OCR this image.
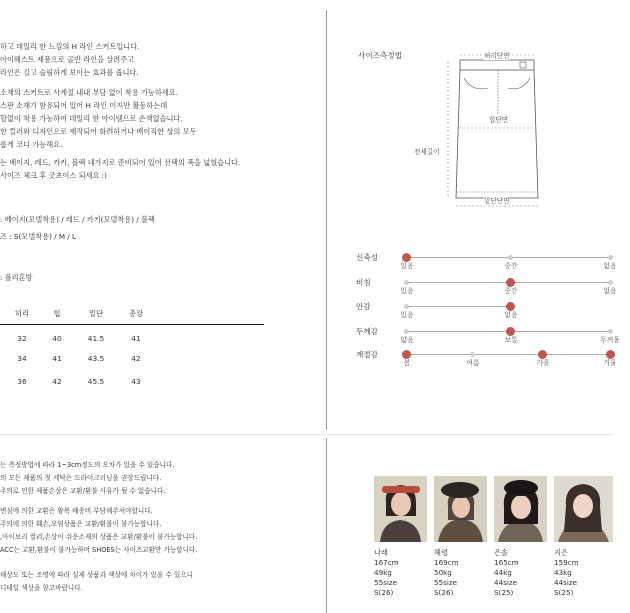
하고 데일리 한 느낌의 H 라인 스커트입니다.
아이웨스트 제품으로 골반 라인을 살려주고
라인은 길고 슬림하게 보이는 효과를 줍니다.
소재의 스커트로 사계절 내내 부담 없이 착용 가능하세요.
스판 소재가 함유되어 있어 H 라인 이지만 활동하는데
할없이 착용 가능하여 데일리 한 아이템으로 손색없습니다.
한 컬러와 디자인으로 제작되어 화려하거나 베이직한 상의 모두
롭게 코디 가능해요.
는 베이지, 레드, 카키, 블랙 네가지로 준비되어 있어 선택의 폭을 넓혔습니다.
사이즈 체크 후 굿초이스 되세요 :)
: 베이지(모델착용) / 레드 / 카키(모델착용) / 블랙
즈 : S(모델착용) / M / L
: 폴리혼방
허리	힙	밑단	총장
32	40	41.5	41
34	41	43.5	42
36	42	45.5	43
사이즈측정법	허리단면
힙단면
전체길이
밑단단면
신축성
있음	중간	없음
비침
있음	중간	없음
안감
있음	없음
두께감
얇음	보통	두꺼움
계절감
봄	여름	가을	겨울
는 측정방법에 따라 1~3cm정도의 오차가 있을 수 있습니다.
의 모든 제품의 첫 세탁은 드라이크리닝을 권장드립니다.
주의로 인한 제품손상은 교환/환불 사유가 될 수 없습니다.
변심에 의한 교환은 왕복 배송비 부담해주셔야합니다.
주의에 의한 훼손,오염상품은 교환/환불이 불가능합니다.
,아이보리 컬러,손상이 쉬운소재의 상품은 교환/환불이 불가능합니다.
ACC는 교환,환불이 불가능하며 SHOES는 사이즈교환만 가능합니다.
해상도 또는 조명에 따라 실제 상품과 색상에 차이가 있을 수 있으니
디테일 색상을 참고바랍니다.
나래
167cm
49kg
55size
S(26)
혜령
169cm
50kg
55size
S(26)
은솔
165cm
44kg
44size
S(25)
지은
159cm
43kg
44size
S(25)
